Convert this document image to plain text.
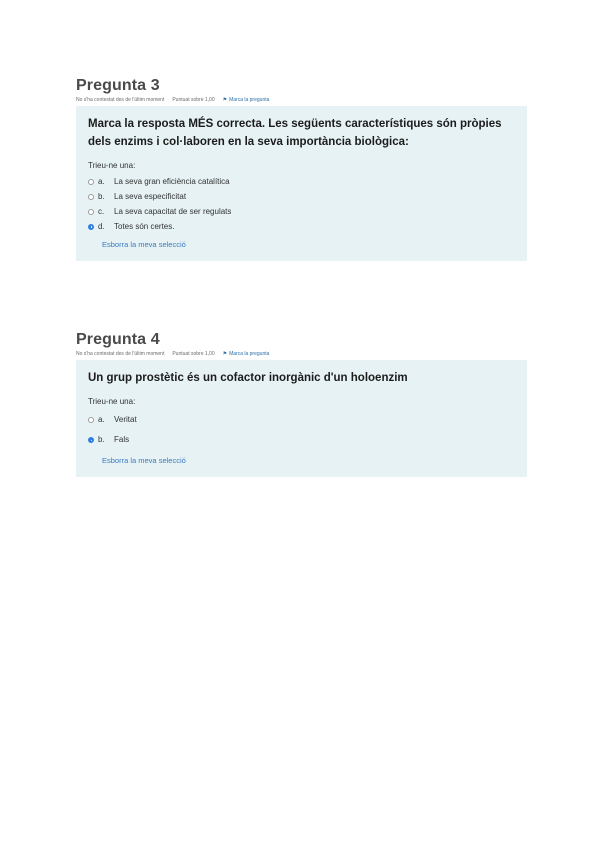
Pregunta 3
No s'ha contestat des de l'últim moment Puntuat sobre 1,00 ⚑ Marca la pregunta

Marca la resposta MÉS correcta. Les següents característiques són pròpies dels enzims i col·laboren en la seva importància biològica:

Trieu-ne una:
a.	La seva gran eficiència catalítica
b.	La seva especificitat
c.	La seva capacitat de ser regulats
d.	Totes són certes.
Esborra la meva selecció
Pregunta 4
No s'ha contestat des de l'últim moment Puntuat sobre 1,00 ⚑ Marca la pregunta

Un grup prostètic és un cofactor inorgànic d'un holoenzim

Trieu-ne una:
a.	Veritat
b.	Fals
Esborra la meva selecció
